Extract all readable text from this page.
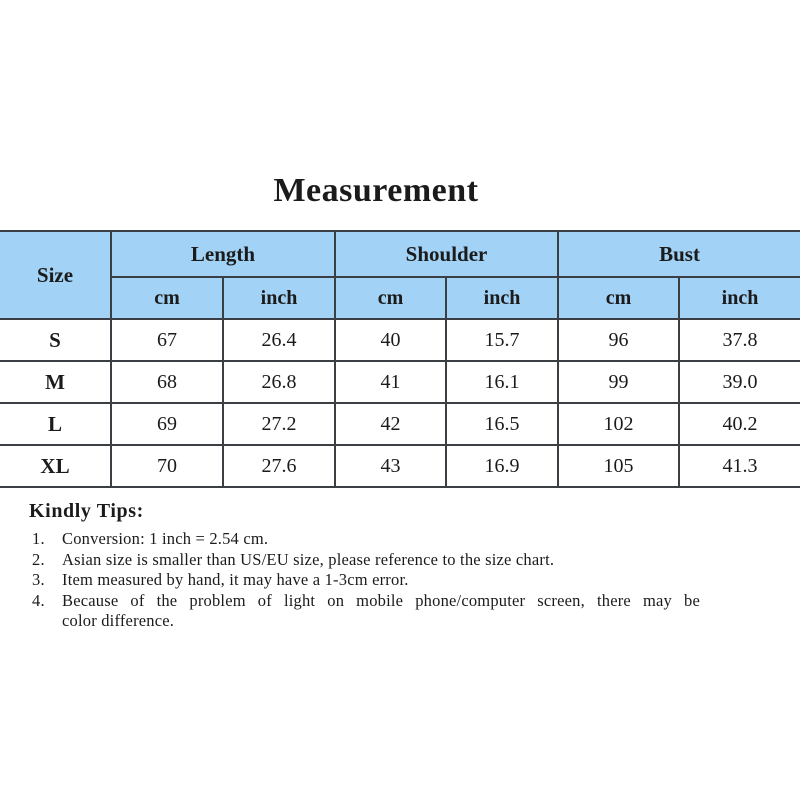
Measurement
Size	Length		Shoulder		Bust	
	cm	inch	cm	inch	cm	inch
S	67	26.4	40	15.7	96	37.8
M	68	26.8	41	16.1	99	39.0
L	69	27.2	42	16.5	102	40.2
XL	70	27.6	43	16.9	105	41.3
Kindly Tips:
1.	Conversion: 1 inch = 2.54 cm.
2.	Asian size is smaller than US/EU size, please reference to the size chart.
3.	Item measured by hand, it may have a 1-3cm error.
4.	Because of the problem of light on mobile phone/computer screen, there may be
color difference.
